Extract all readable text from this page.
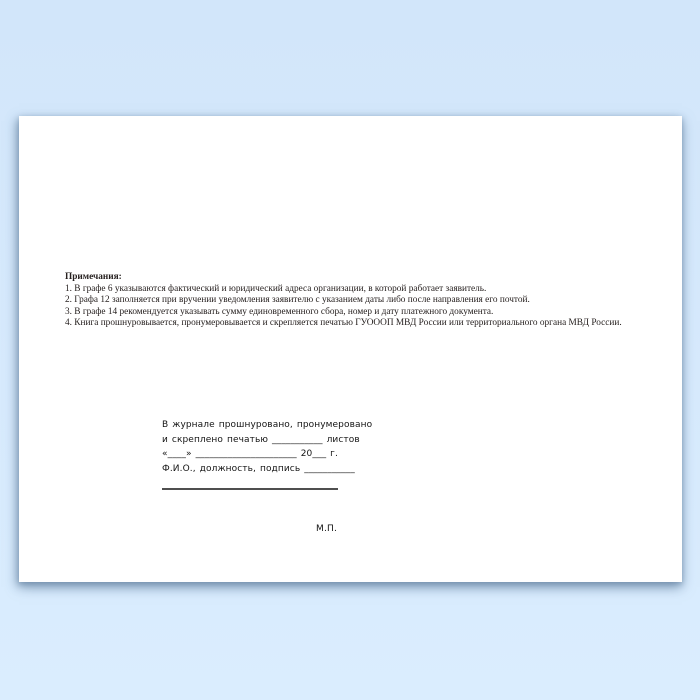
Примечания:
1. В графе 6 указываются фактический и юридический адреса организации, в которой работает заявитель.
2. Графа 12 заполняется при вручении уведомления заявителю с указанием даты либо после направления его почтой.
3. В графе 14 рекомендуется указывать сумму единовременного сбора, номер и дату платежного документа.
4. Книга прошнуровывается, пронумеровывается и скрепляется печатью ГУОООП МВД России или территориального органа МВД России.
В журнале прошнуровано, пронумеровано
и скреплено печатью ___________ листов
«____» ______________________ 20___ г.
Ф.И.О., должность, подпись ___________
М.П.
